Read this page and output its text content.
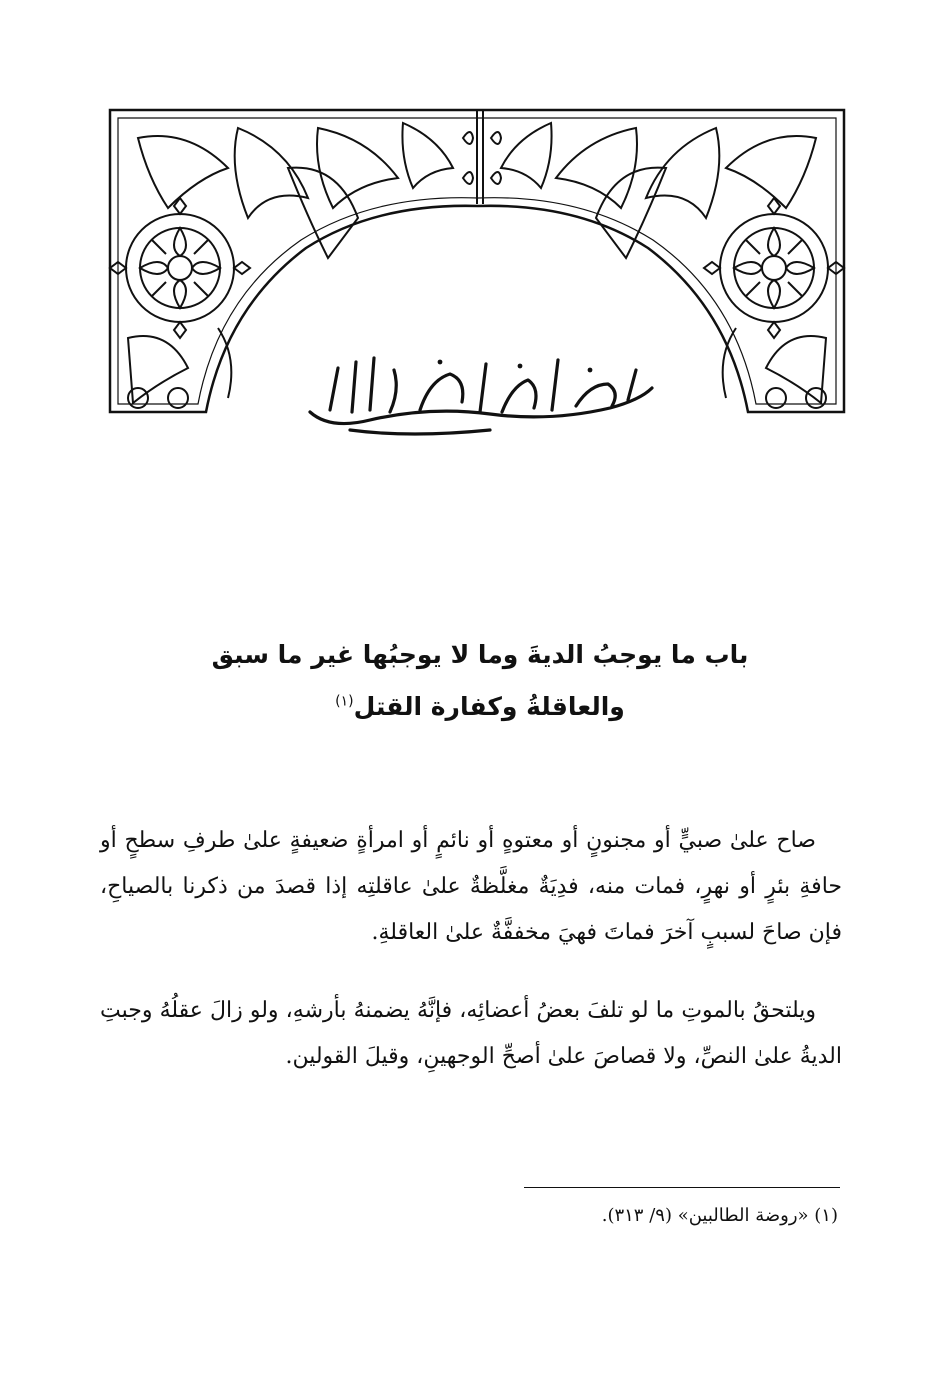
باب ما يوجبُ الديةَ وما لا يوجبُها غير ما سبق
والعاقلةُ وكفارة القتل$^{(١)}$
صاح علىٰ صبيٍّ أو مجنونٍ أو معتوهٍ أو نائمٍ أو امرأةٍ ضعيفةٍ علىٰ طرفِ سطحٍ أو حافةِ بئرٍ أو نهرٍ، فمات منه، فدِيَةٌ مغلَّظةٌ علىٰ عاقلتِه إذا قصدَ من ذكرنا بالصياحِ، فإن صاحَ لسببٍ آخرَ فماتَ فهيَ مخففَّةٌ علىٰ العاقلةِ.
ويلتحقُ بالموتِ ما لو تلفَ بعضُ أعضائِه، فإنَّهُ يضمنهُ بأرشهِ، ولو زالَ عقلُهُ وجبتِ الديةُ علىٰ النصِّ، ولا قصاصَ علىٰ أصحِّ الوجهينِ، وقيلَ القولين.
(١) «روضة الطالبين» (٩/ ٣١٣).
